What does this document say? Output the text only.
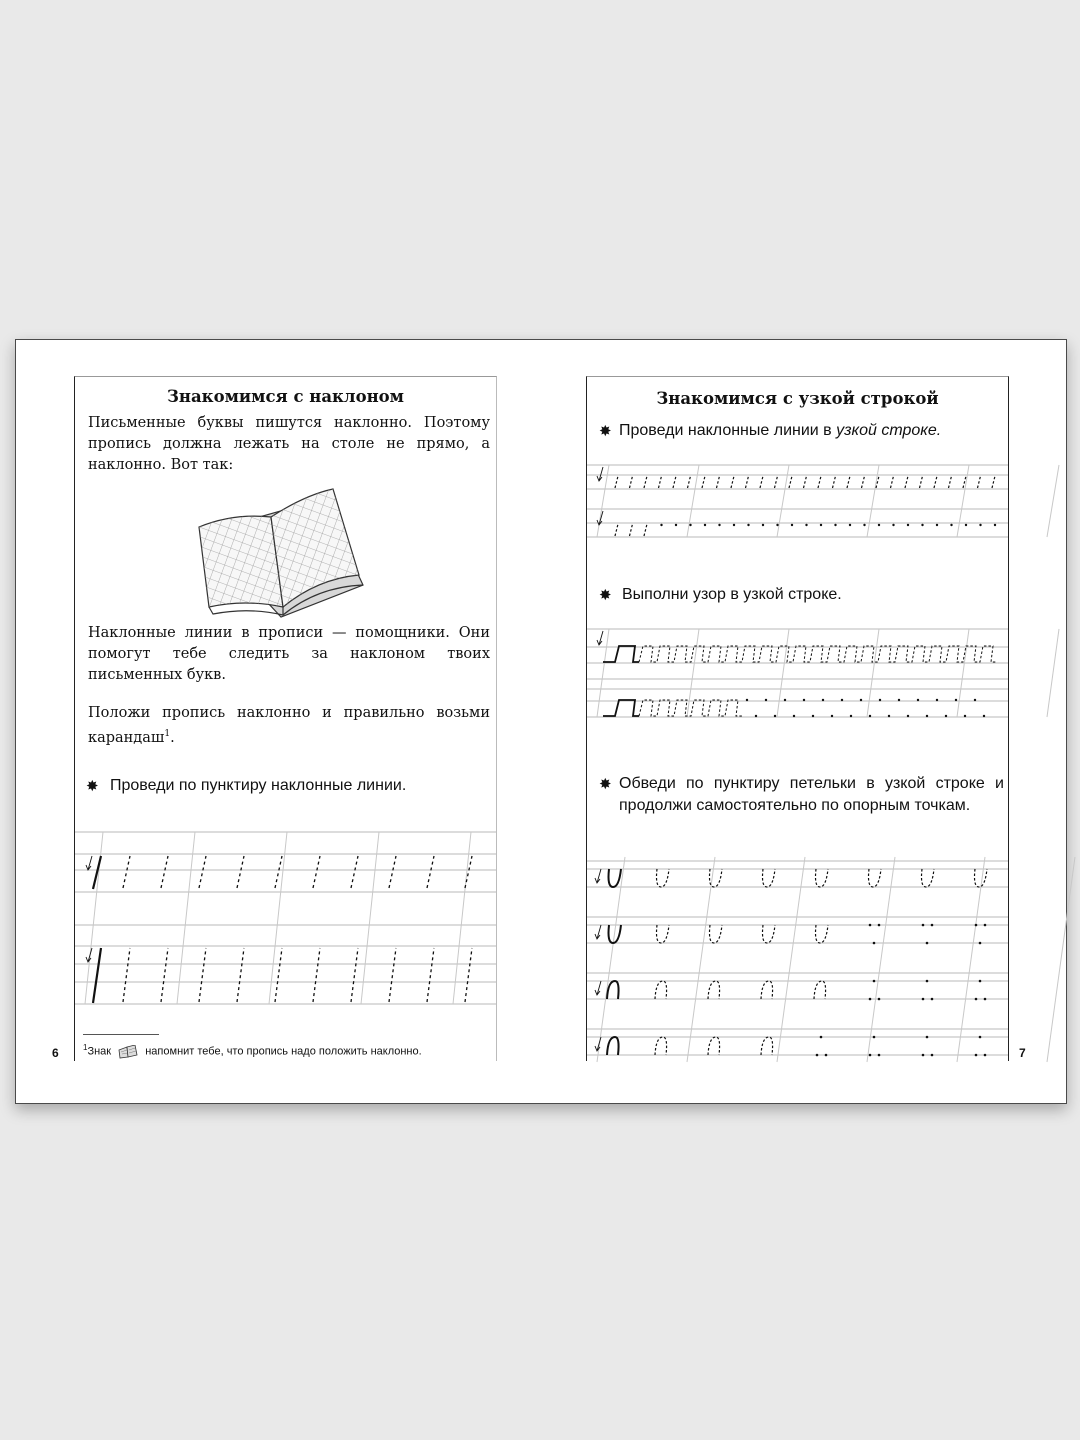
Знакомимся с наклоном

Письменные буквы пишутся наклонно. Поэтому пропись должна лежать на столе не прямо, а наклонно. Вот так:

Наклонные линии в прописи — помощники. Они помогут тебе следить за наклоном твоих письменных букв.

Положи пропись наклонно и правильно возьми карандаш$^1$.

✸ Проведи по пунктиру наклонные линии.

$^1$Знак	напомнит тебе, что пропись надо положить наклонно.
6
Знакомимся с узкой строкой
✸ Проведи наклонные линии в узкой строке.

✸ Выполни узор в узкой строке.

✸ Обведи по пунктиру петельки в узкой строке и продолжи самостоятельно по опорным точкам.

7
